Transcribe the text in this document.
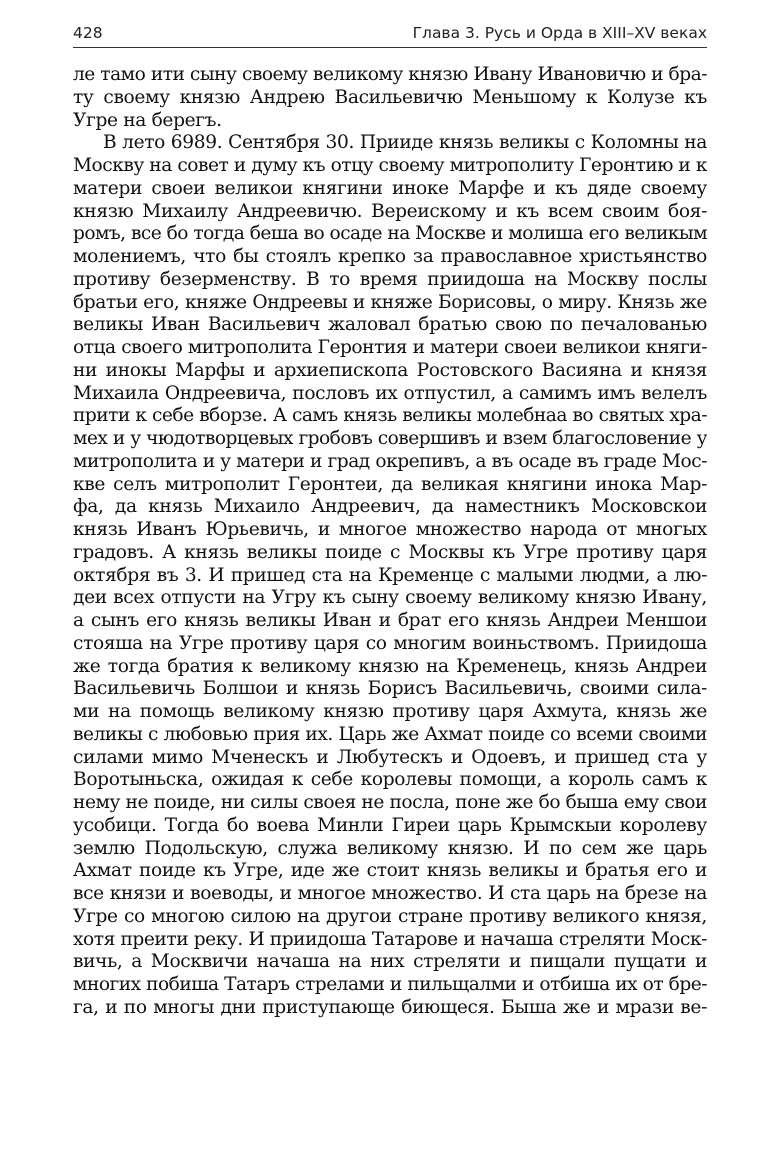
428	Глава 3. Русь и Орда в XIII–XV веках
ле тамо ити сыну своему великому князю Ивану Ивановичю и бра-
ту своему князю Андрею Васильевичю Меньшому к Колузе къ
Угре на берегъ.
В лето 6989. Сентября 30. Прииде князь великы с Коломны на
Москву на совет и думу къ отцу своему митрополиту Геронтию и к
матери своеи великои княгини иноке Марфе и къ дяде своему
князю Михаилу Андреевичю. Вереискому и къ всем своим боя-
ромъ, все бо тогда беша во осаде на Москве и молиша его великым
молениемъ, что бы стоялъ крепко за православное христьянство
противу безерменству. В то время приидоша на Москву послы
братьи его, княже Ондреевы и княже Борисовы, о миру. Князь же
великы Иван Васильевич жаловал братью свою по печалованью
отца своего митрополита Геронтия и матери своеи великои княги-
ни инокы Марфы и архиепископа Ростовского Васияна и князя
Михаила Ондреевича, пословъ их отпустил, а самимъ имъ велелъ
прити к себе вборзе. А самъ князь великы молебнаа во святых хра-
мех и у чюдотворцевых гробовъ совершивъ и взем благословение у
митрополита и у матери и град окрепивъ, а въ осаде въ граде Мос-
кве селъ митрополит Геронтеи, да великая княгини инока Мар-
фа, да князь Михаило Андреевич, да наместникъ Московскои
князь Иванъ Юрьевичь, и многое множество народа от многых
градовъ. А князь великы поиде с Москвы къ Угре противу царя
октября въ 3. И пришед ста на Кременце с малыми людми, а лю-
деи всех отпусти на Угру къ сыну своему великому князю Ивану,
а сынъ его князь великы Иван и брат его князь Андреи Меншои
стояша на Угре противу царя со многим воиньствомъ. Приидоша
же тогда братия к великому князю на Кременець, князь Андреи
Васильевичь Болшои и князь Борисъ Васильевичь, своими сила-
ми на помощь великому князю противу царя Ахмута, князь же
великы с любовью прия их. Царь же Ахмат поиде со всеми своими
силами мимо Мченескъ и Любутескъ и Одоевъ, и пришед ста у
Воротыньска, ожидая к себе королевы помощи, а король самъ к
нему не поиде, ни силы своея не посла, поне же бо быша ему свои
усобици. Тогда бо воева Минли Гиреи царь Крымскыи королеву
землю Подольскую, служа великому князю. И по сем же царь
Ахмат поиде къ Угре, иде же стоит князь великы и братья его и
все князи и воеводы, и многое множество. И ста царь на брезе на
Угре со многою силою на другои стране противу великого князя,
хотя преити реку. И приидоша Татарове и начаша стреляти Моск-
вичь, а Москвичи начаша на них стреляти и пищали пущати и
многих побиша Татаръ стрелами и пильщалми и отбиша их от бре-
га, и по многы дни приступающе биющеся. Быша же и мрази ве-
